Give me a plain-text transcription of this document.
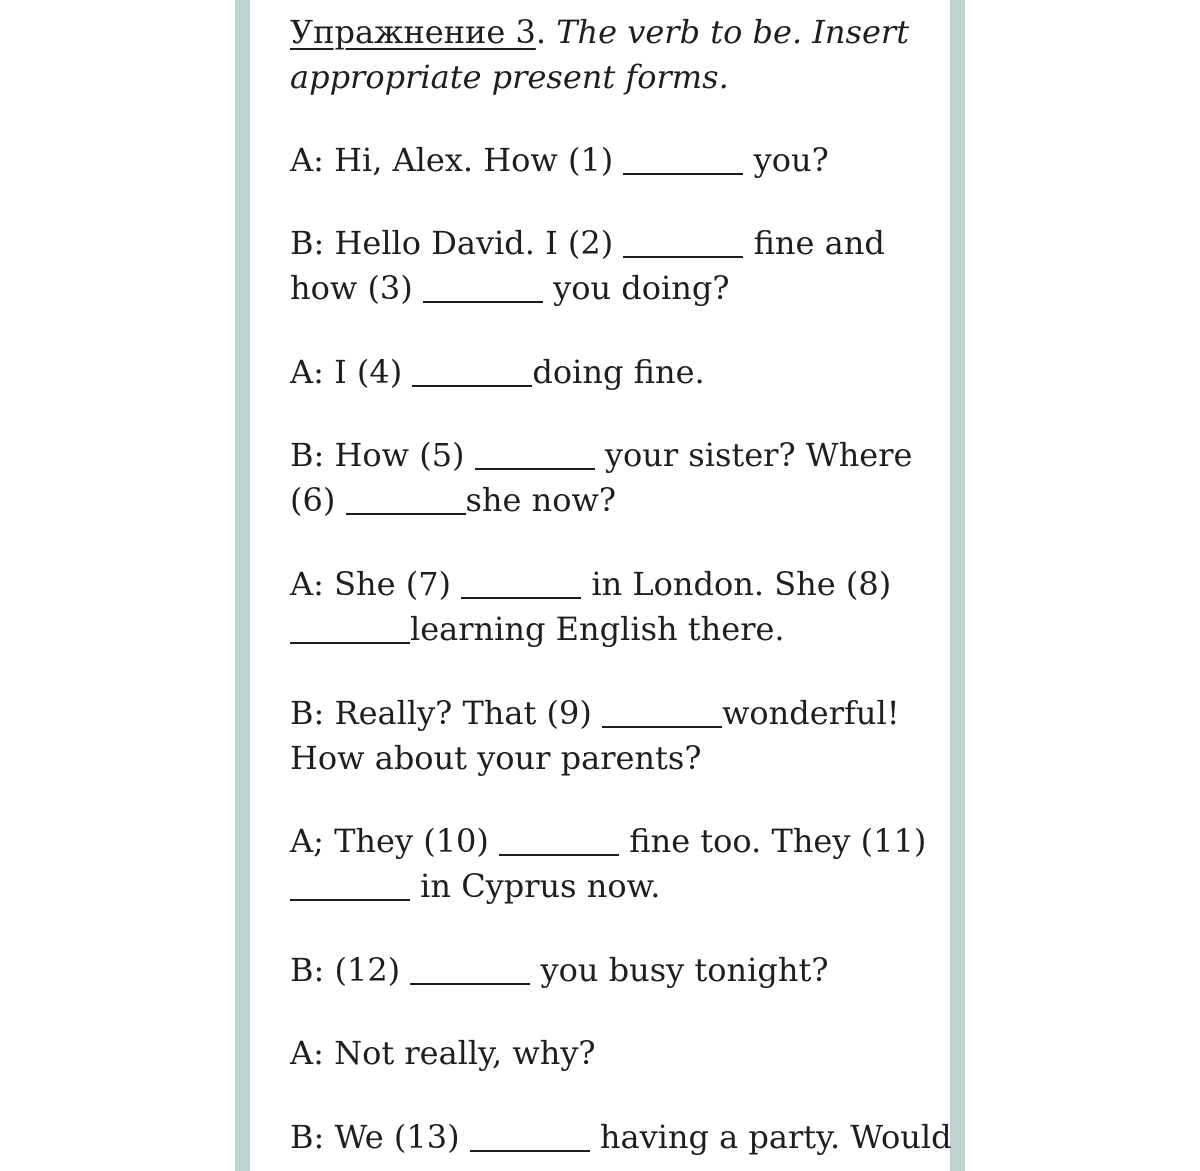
Упражнение 3. The verb to be. Insert appropriate present forms.

A: Hi, Alex. How (1)	you?

B: Hello David. I (2)	fine and

how (3)	you doing?

A: I (4)	doing fine.

B: How (5)	your sister? Where

(6)	she now?

A: She (7)	in London. She (8)

learning English there.

B: Really? That (9)	wonderful!

How about your parents?

A; They (10)	fine too. They (11)

in Cyprus now.

B: (12)	you busy tonight?

A: Not really, why?

B: We (13)	having a party. Would
